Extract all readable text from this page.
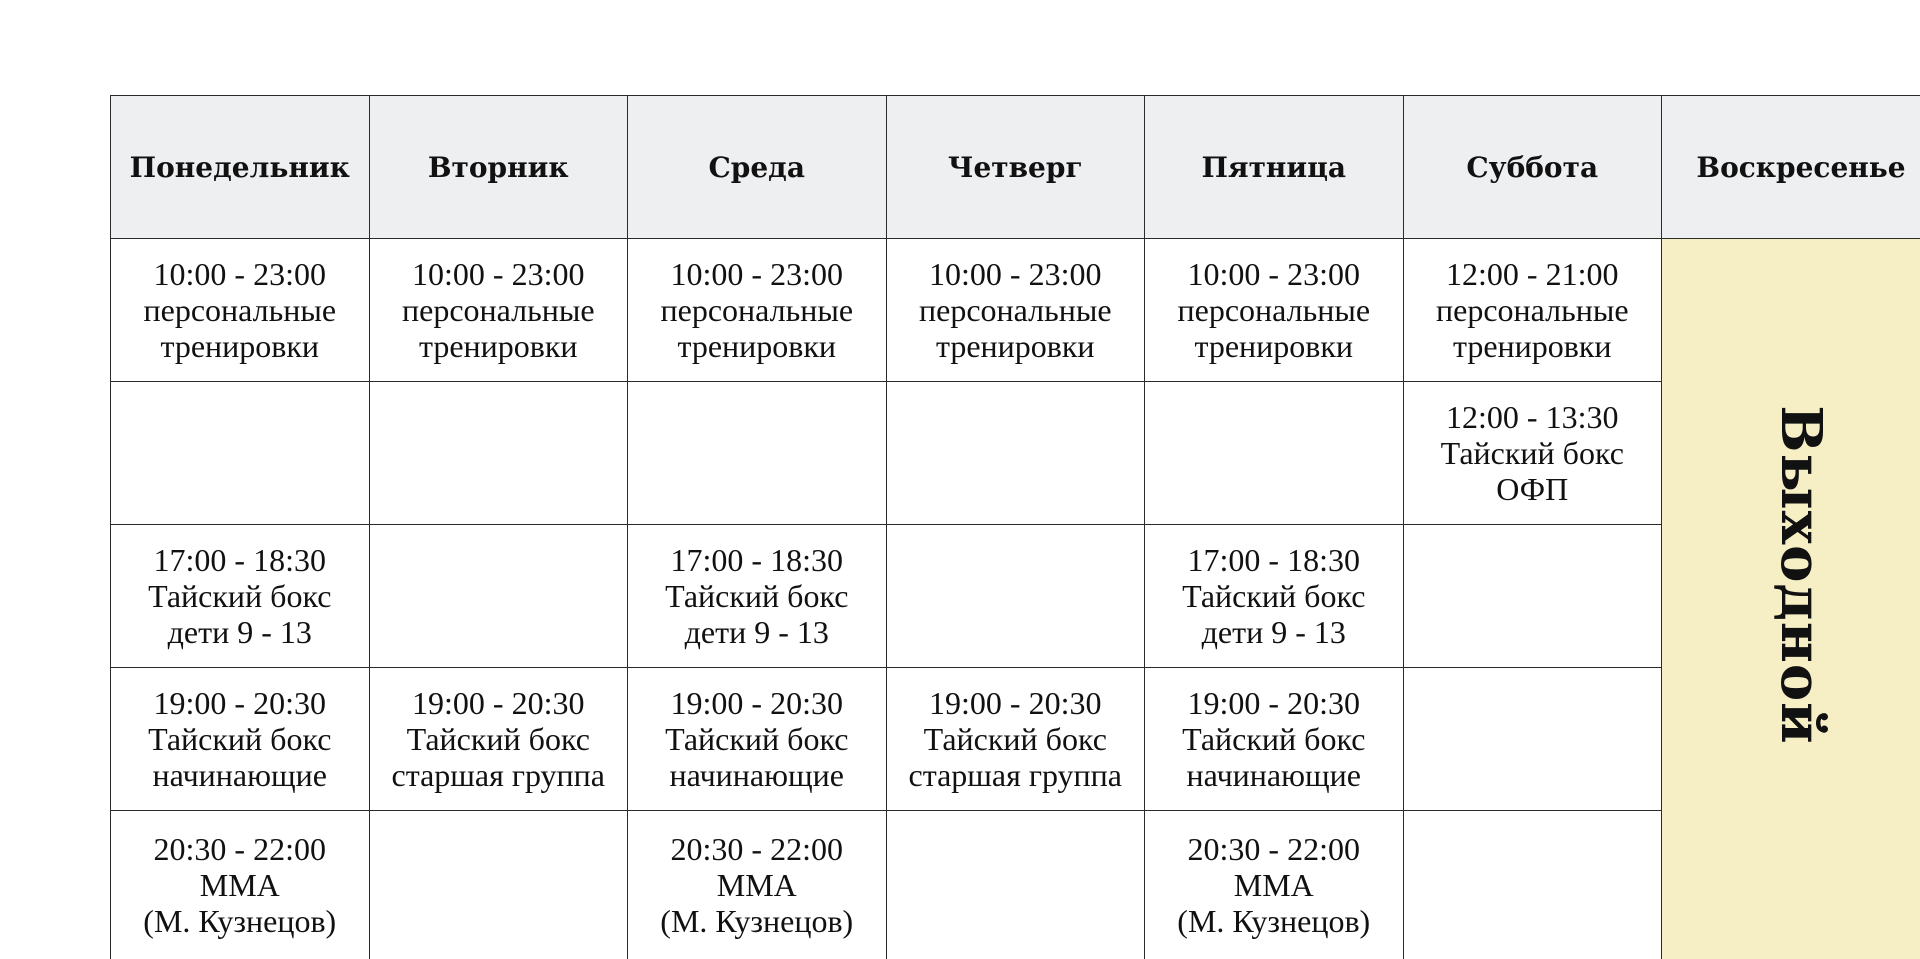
Понедельник	Вторник	Среда	Четверг	Пятница	Суббота	Воскресенье

10:00 - 23:00
персональные
тренировки	10:00 - 23:00
персональные
тренировки	10:00 - 23:00
персональные
тренировки	10:00 - 23:00
персональные
тренировки	10:00 - 23:00
персональные
тренировки	12:00 - 21:00
персональные
тренировки	Выходной

					12:00 - 13:30
Тайский бокс
ОФП	

17:00 - 18:30
Тайский бокс
дети 9 - 13		17:00 - 18:30
Тайский бокс
дети 9 - 13		17:00 - 18:30
Тайский бокс
дети 9 - 13		

19:00 - 20:30
Тайский бокс
начинающие	19:00 - 20:30
Тайский бокс
старшая группа	19:00 - 20:30
Тайский бокс
начинающие	19:00 - 20:30
Тайский бокс
старшая группа	19:00 - 20:30
Тайский бокс
начинающие		

20:30 - 22:00
MMA
(М. Кузнецов)		20:30 - 22:00
MMA
(М. Кузнецов)		20:30 - 22:00
MMA
(М. Кузнецов)		
